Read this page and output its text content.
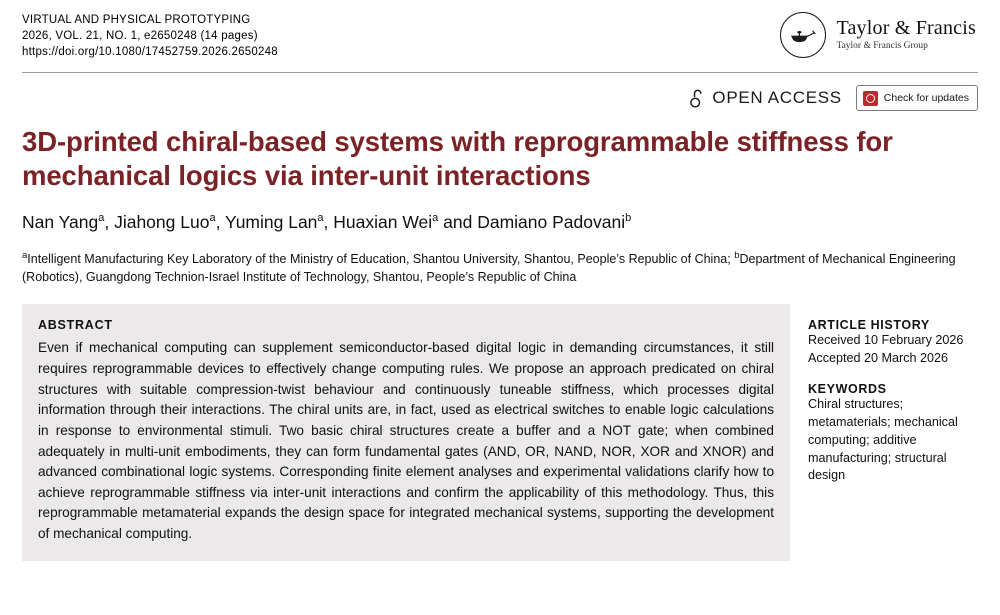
VIRTUAL AND PHYSICAL PROTOTYPING
2026, VOL. 21, NO. 1, e2650248 (14 pages)
https://doi.org/10.1080/17452759.2026.2650248
Taylor & Francis
Taylor & Francis Group
OPEN ACCESS	Check for updates
3D-printed chiral-based systems with reprogrammable stiffness for mechanical logics via inter-unit interactions
Nan Yang$^a$, Jiahong Luo$^a$, Yuming Lan$^a$, Huaxian Wei$^a$ and Damiano Padovani$^b$
$^a$Intelligent Manufacturing Key Laboratory of the Ministry of Education, Shantou University, Shantou, People’s Republic of China; $^b$Department of Mechanical Engineering (Robotics), Guangdong Technion-Israel Institute of Technology, Shantou, People’s Republic of China
ABSTRACT
Even if mechanical computing can supplement semiconductor-based digital logic in demanding circumstances, it still requires reprogrammable devices to effectively change computing rules. We propose an approach predicated on chiral structures with suitable compression-twist behaviour and continuously tuneable stiffness, which processes digital information through their interactions. The chiral units are, in fact, used as electrical switches to enable logic calculations in response to environmental stimuli. Two basic chiral structures create a buffer and a NOT gate; when combined adequately in multi-unit embodiments, they can form fundamental gates (AND, OR, NAND, NOR, XOR and XNOR) and advanced combinational logic systems. Corresponding finite element analyses and experimental validations clarify how to achieve reprogrammable stiffness via inter-unit interactions and confirm the applicability of this methodology. Thus, this reprogrammable metamaterial expands the design space for integrated mechanical systems, supporting the development of mechanical computing.
ARTICLE HISTORY
Received 10 February 2026
Accepted 20 March 2026
KEYWORDS
Chiral structures; metamaterials; mechanical computing; additive manufacturing; structural design
